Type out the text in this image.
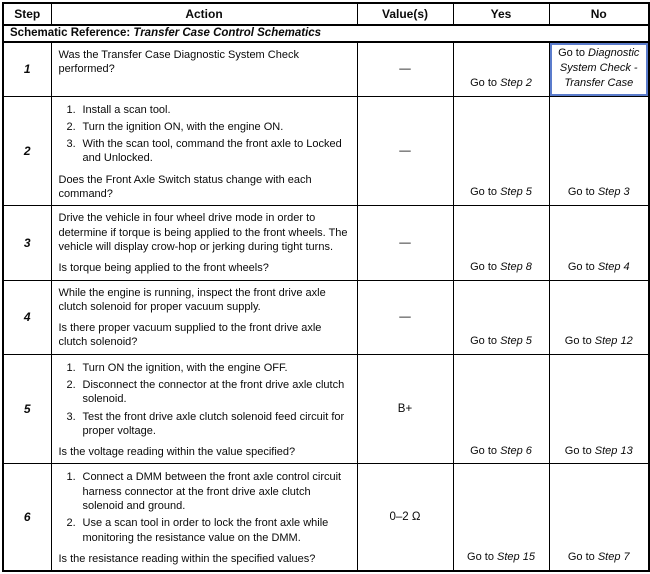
Step	Action	Value(s)	Yes	No
Schematic Reference: Transfer Case Control Schematics				
1	Was the Transfer Case Diagnostic System Check performed?	—	Go to Step 2	Go to Diagnostic System Check - Transfer Case
2	
1. Install a scan tool.
2. Turn the ignition ON, with the engine ON.
3. With the scan tool, command the front axle to Locked and Unlocked.
Does the Front Axle Switch status change with each command?
	—	Go to Step 5	Go to Step 3
3	Drive the vehicle in four wheel drive mode in order to determine if torque is being applied to the front wheels. The vehicle will display crow-hop or jerking during tight turns.
Is torque being applied to the front wheels?	—	Go to Step 8	Go to Step 4
4	While the engine is running, inspect the front drive axle clutch solenoid for proper vacuum supply.
Is there proper vacuum supplied to the front drive axle clutch solenoid?	—	Go to Step 5	Go to Step 12
5	
1. Turn ON the ignition, with the engine OFF.
2. Disconnect the connector at the front drive axle clutch solenoid.
3. Test the front drive axle clutch solenoid feed circuit for proper voltage.
Is the voltage reading within the value specified?
	B+	Go to Step 6	Go to Step 13
6	1. Connect a DMM between the front axle control circuit harness connector at the front drive axle clutch solenoid and ground.
2. Use a scan tool in order to lock the front axle while monitoring the resistance value on the DMM.
Is the resistance reading within the specified values?	0–2 Ω	Go to Step 15	Go to Step 7
